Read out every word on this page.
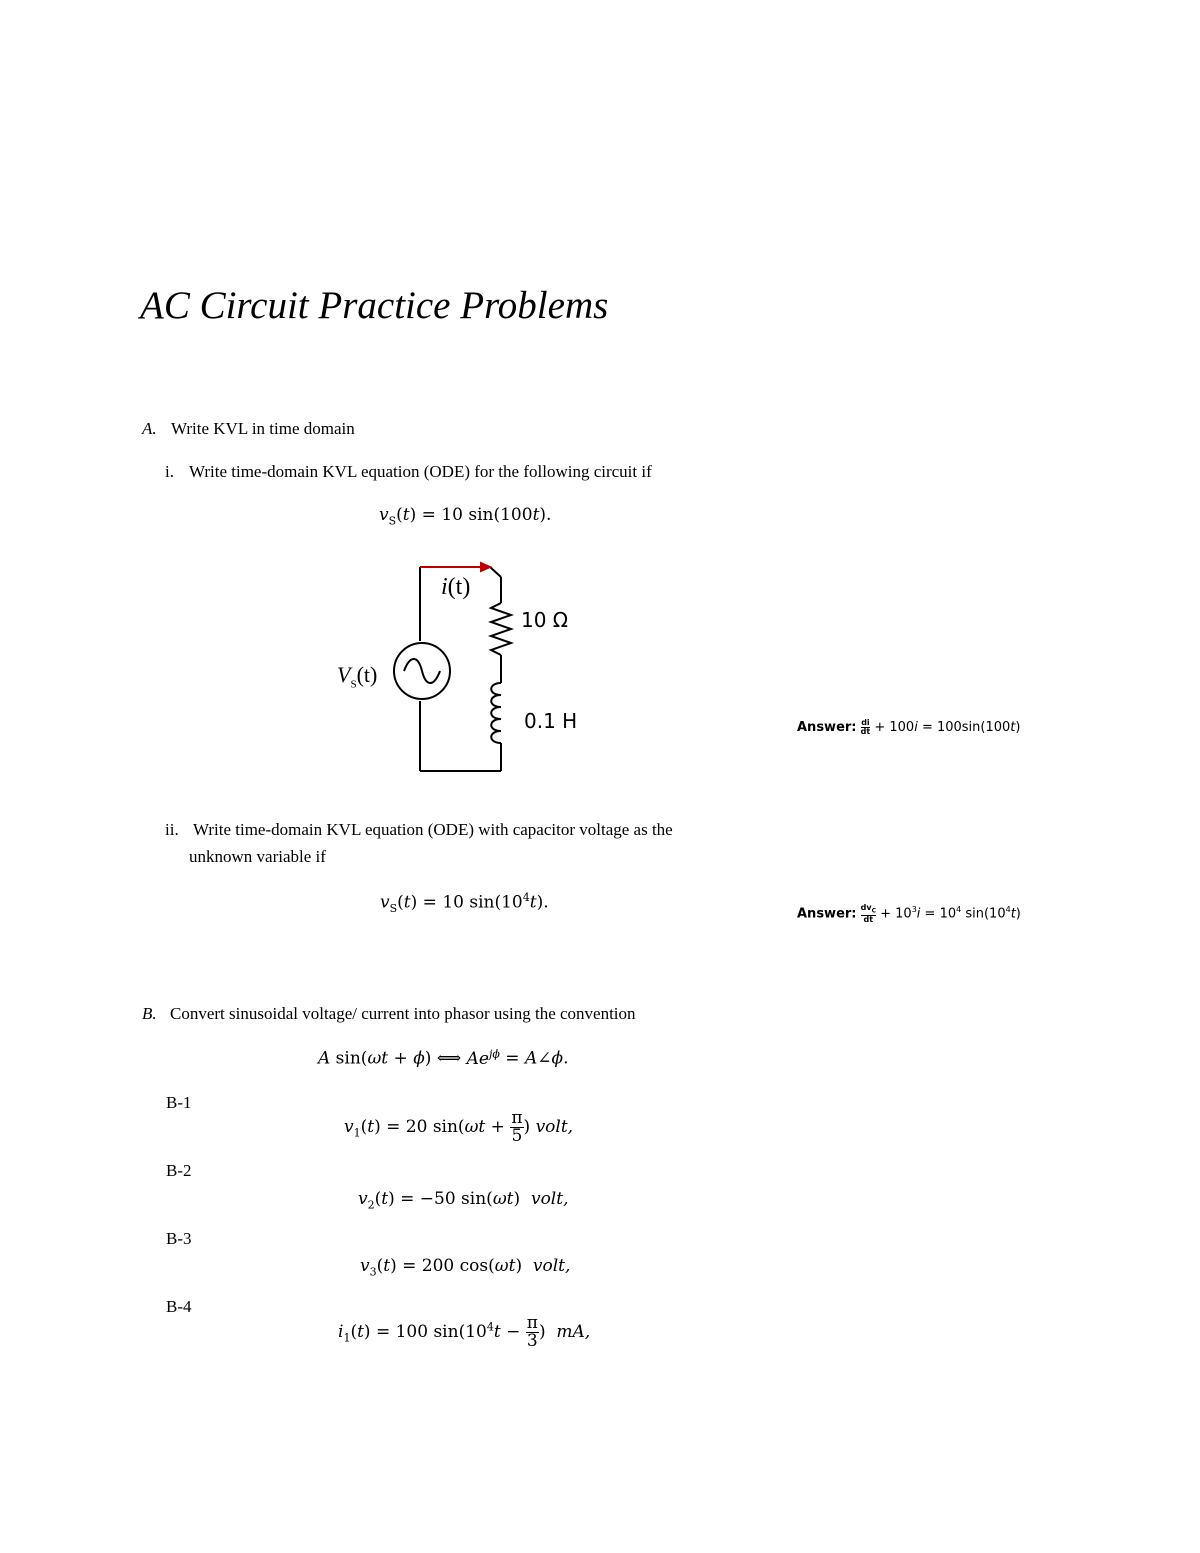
AC Circuit Practice Problems
A. Write KVL in time domain
i. Write time-domain KVL equation (ODE) for the following circuit if
$v_S(t) = 10$ sin(100t).
i(t)
$V_S(t)$
10 Ω
0.1 H	Answer: $\frac{di}{dt} + 100i = 100\sin(100t)$
ii. Write time-domain KVL equation (ODE) with capacitor voltage as the
unknown variable if
$v_S(t) = 10$ $\sin(10^4t)$.
Answer: $\frac{dv_C}{dt} + 10^3i = 10^4$ $\sin(10^4t)$
B. Convert sinusoidal voltage/ current into phasor using the convention
A sin(ωt + ϕ) ⟺ $Ae^{j\phi}$ = A∠ϕ.
B-1
$v_1(t) = 20$ $\sin(\omega t + \frac{\pi}{5}$ ) volt,
B-2
$v_2(t) = -50$ sin(ωt)  volt,
B-3
$v_3(t) = 200$ cos(ωt)  volt,
B-4
$i_1(t) = 100$ $\sin(10^4t - \frac{\pi}{3}$ )  mA,
